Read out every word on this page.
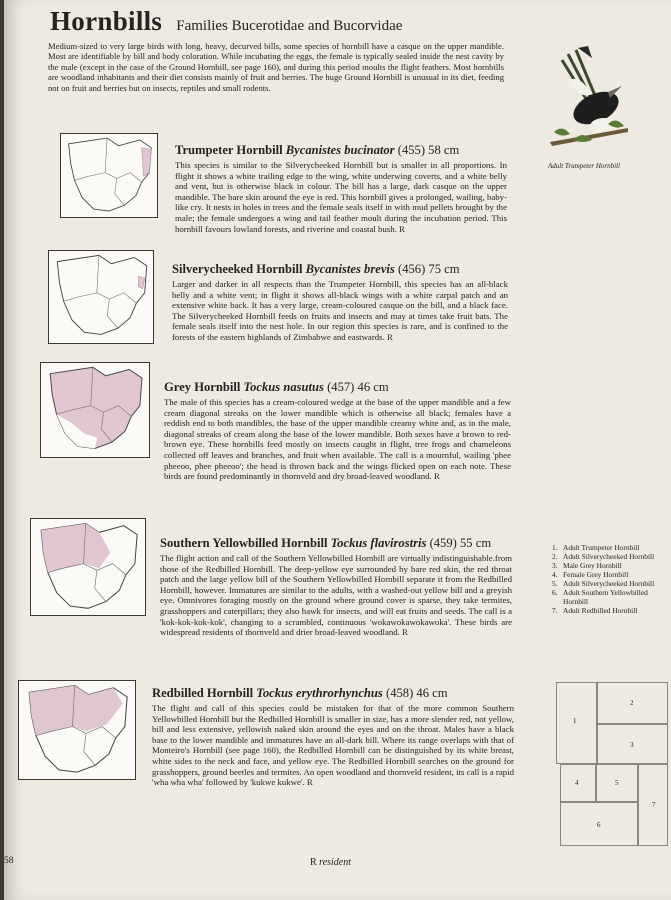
Hornbills Families Bucerotidae and Bucorvidae
Medium-sized to very large birds with long, heavy, decurved bills, some species of hornbill have a casque on the upper mandible. Most are identifiable by bill and body coloration. While incubating the eggs, the female is typically sealed inside the nest cavity by the male (except in the case of the Ground Hornbill, see page 160), and during this period moults the flight feathers. Most hornbills are woodland inhabitants and their diet consists mainly of fruit and berries. The huge Ground Hornbill is unusual in its diet, feeding not on fruit and berries but on insects, reptiles and small rodents.
Trumpeter Hornbill Bycanistes bucinator (455) 58 cm
This species is similar to the Silverycheeked Hornbill but is smaller in all proportions. In flight it shows a white trailing edge to the wing, white underwing coverts, and a white belly and vent, but is otherwise black in colour. The bill has a large, dark casque on the upper mandible. The bare skin around the eye is red. This hornbill gives a prolonged, wailing, baby-like cry. It nests in holes in trees and the female seals itself in with mud pellets brought by the male; the female undergoes a wing and tail feather moult during the incubation period. This hornbill favours lowland forests, and riverine and coastal bush. R
Silverycheeked Hornbill Bycanistes brevis (456) 75 cm
Larger and darker in all respects than the Trumpeter Hornbill, this species has an all-black belly and a white vent; in flight it shows all-black wings with a white carpal patch and an extensive white back. It has a very large, cream-coloured casque on the bill, and a black face. The Silverycheeked Hornbill feeds on fruits and insects and may at times take fruit bats. The female seals itself into the nest hole. In our region this species is rare, and is confined to the forests of the eastern highlands of Zimbabwe and eastwards. R
Grey Hornbill Tockus nasutus (457) 46 cm
The male of this species has a cream-coloured wedge at the base of the upper mandible and a few cream diagonal streaks on the lower mandible which is otherwise all black; females have a reddish end to both mandibles, the base of the upper mandible creamy white and, as in the male, diagonal streaks of cream along the base of the lower mandible. Both sexes have a brown to red-brown eye. These hornbills feed mostly on insects caught in flight, tree frogs and chameleons collected off leaves and branches, and fruit when available. The call is a mournful, wailing 'phee pheeoo, phee pheeoo'; the head is thrown back and the wings flicked open on each note. These birds are found predominantly in thornveld and dry broad-leaved woodland. R
Southern Yellowbilled Hornbill Tockus flavirostris (459) 55 cm
The flight action and call of the Southern Yellowbilled Hornbill are virtually indistinguishable.from those of the Redbilled Hornbill. The deep-yellow eye surrounded by bare red skin, the red throat patch and the large yellow bill of the Southern Yellowbilled Hornbill separate it from the Redbilled Hornbill, however. Immatures are similar to the adults, with a washed-out yellow bill and a greyish eye. Omnivores foraging mostly on the ground where ground cover is sparse, they take termites, grasshoppers and caterpillars; they also hawk for insects, and will eat fruits and seeds. The call is a 'kok-kok-kok-kok', changing to a scrambled, continuous 'wokawokawokawoka'. These birds are widespread residents of thornveld and drier broad-leaved woodland. R
Redbilled Hornbill Tockus erythrorhynchus (458) 46 cm
The flight and call of this species could be mistaken for that of the more common Southern Yellowbilled Hornbill but the Redbilled Hornbill is smaller in size, has a more slender red, not yellow, bill and less extensive, yellowish naked skin around the eyes and on the throat. Males have a black base to the lower mandible and immatures have an all-dark bill. Where its range overlaps with that of Monteiro's Hornbill (see page 160), the Redbilled Hornbill can be distinguished by its white breast, white sides to the neck and face, and yellow eye. The Redbilled Hornbill searches on the ground for grasshoppers, ground beetles and termites. An open woodland and thornveld resident, its call is a rapid 'wha wha wha' followed by 'kukwe kukwe'. R
Adult Trumpeter Hornbill
1. Adult Trumpeter Hornbill
2. Adult Silverycheeked Hornbill
3. Male Grey Hornbill
4. Female Grey Hornbill
5. Adult Silverycheeked Hornbill
6. Adult Southern Yellowbilled Hornbill
7. Adult Redbilled Hornbill
1
2
3
4	5
6
7
58	R resident
